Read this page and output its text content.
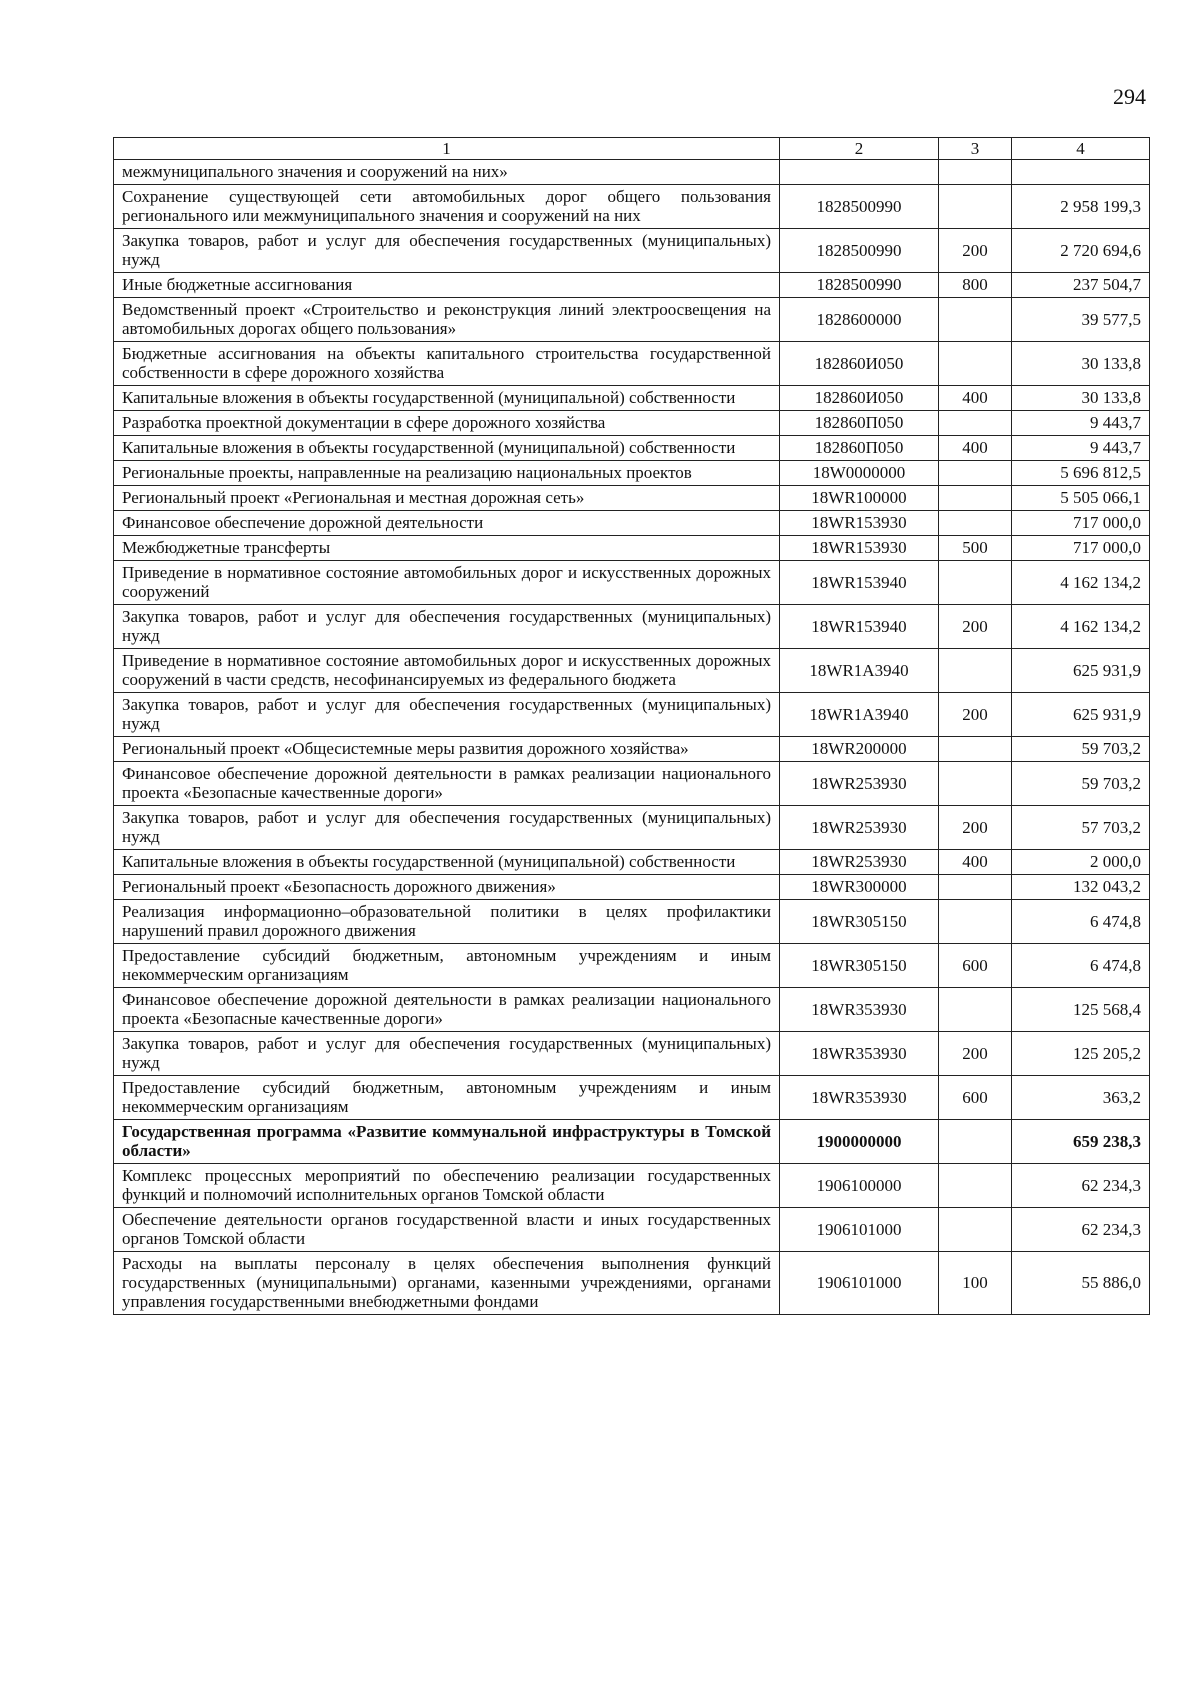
294
1	2	3	4
межмуниципального значения и сооружений на них»			
Сохранение существующей сети автомобильных дорог общего пользования регионального или межмуниципального значения и сооружений на них	1828500990		2 958 199,3
Закупка товаров, работ и услуг для обеспечения государственных (муниципальных) нужд	1828500990	200	2 720 694,6
Иные бюджетные ассигнования	1828500990	800	237 504,7
Ведомственный проект «Строительство и реконструкция линий электроосвещения на автомобильных дорогах общего пользования»	1828600000		39 577,5
Бюджетные ассигнования на объекты капитального строительства государственной собственности в сфере дорожного хозяйства	182860И050		30 133,8
Капитальные вложения в объекты государственной (муниципальной) собственности	182860И050	400	30 133,8
Разработка проектной документации в сфере дорожного хозяйства	182860П050		9 443,7
Капитальные вложения в объекты государственной (муниципальной) собственности	182860П050	400	9 443,7
Региональные проекты, направленные на реализацию национальных проектов	18W0000000		5 696 812,5
Региональный проект «Региональная и местная дорожная сеть»	18WR100000		5 505 066,1
Финансовое обеспечение дорожной деятельности	18WR153930		717 000,0
Межбюджетные трансферты	18WR153930	500	717 000,0
Приведение в нормативное состояние автомобильных дорог и искусственных дорожных сооружений	18WR153940		4 162 134,2
Закупка товаров, работ и услуг для обеспечения государственных (муниципальных) нужд	18WR153940	200	4 162 134,2
Приведение в нормативное состояние автомобильных дорог и искусственных дорожных сооружений в части средств, несофинансируемых из федерального бюджета	18WR1A3940		625 931,9
Закупка товаров, работ и услуг для обеспечения государственных (муниципальных) нужд	18WR1A3940	200	625 931,9
Региональный проект «Общесистемные меры развития дорожного хозяйства»	18WR200000		59 703,2
Финансовое обеспечение дорожной деятельности в рамках реализации национального проекта «Безопасные качественные дороги»	18WR253930		59 703,2
Закупка товаров, работ и услуг для обеспечения государственных (муниципальных) нужд	18WR253930	200	57 703,2
Капитальные вложения в объекты государственной (муниципальной) собственности	18WR253930	400	2 000,0
Региональный проект «Безопасность дорожного движения»	18WR300000		132 043,2
Реализация информационно–образовательной политики в целях профилактики нарушений правил дорожного движения	18WR305150		6 474,8
Предоставление субсидий бюджетным, автономным учреждениям и иным некоммерческим организациям	18WR305150	600	6 474,8
Финансовое обеспечение дорожной деятельности в рамках реализации национального проекта «Безопасные качественные дороги»	18WR353930		125 568,4
Закупка товаров, работ и услуг для обеспечения государственных (муниципальных) нужд	18WR353930	200	125 205,2
Предоставление субсидий бюджетным, автономным учреждениям и иным некоммерческим организациям	18WR353930	600	363,2
Государственная программа «Развитие коммунальной инфраструктуры в Томской области»	1900000000		659 238,3
Комплекс процессных мероприятий по обеспечению реализации государственных функций и полномочий исполнительных органов Томской области	1906100000		62 234,3
Обеспечение деятельности органов государственной власти и иных государственных органов Томской области	1906101000		62 234,3
Расходы на выплаты персоналу в целях обеспечения выполнения функций государственных (муниципальными) органами, казенными учреждениями, органами управления государственными внебюджетными фондами	1906101000	100	55 886,0
